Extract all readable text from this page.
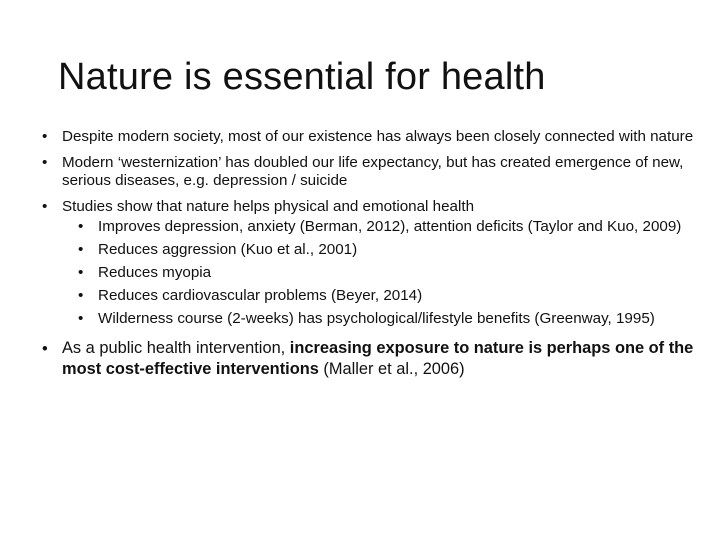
Nature is essential for health
• Despite modern society, most of our existence has always been closely connected with nature
• Modern ‘westernization’ has doubled our life expectancy, but has created emergence of new, serious diseases, e.g. depression / suicide
• Studies show that nature helps physical and emotional health
• Improves depression, anxiety (Berman, 2012), attention deficits (Taylor and Kuo, 2009)
• Reduces aggression (Kuo et al., 2001)
• Reduces myopia
• Reduces cardiovascular problems (Beyer, 2014)
• Wilderness course (2-weeks) has psychological/lifestyle benefits (Greenway, 1995)
• As a public health intervention, increasing exposure to nature is perhaps one of the most cost-effective interventions (Maller et al., 2006)
